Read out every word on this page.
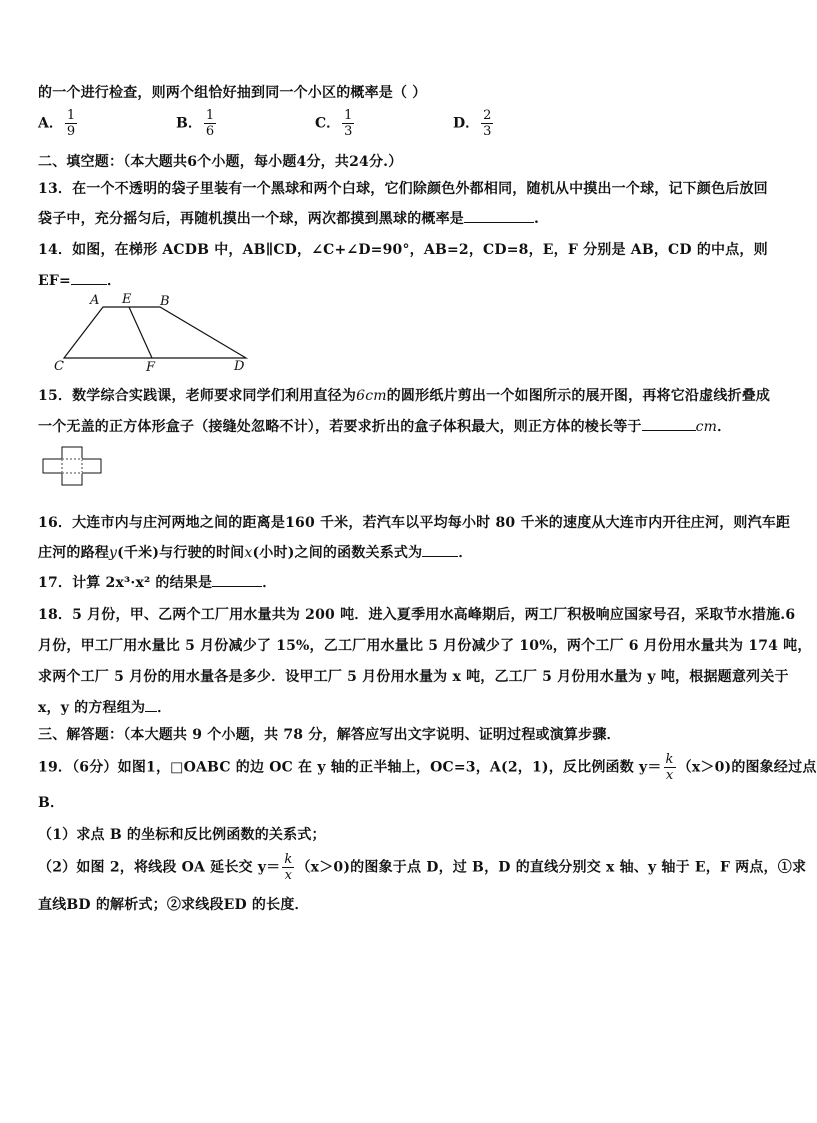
的一个进行检查，则两个组恰好抽到同一个小区的概率是（ ）
A． $\frac{1}{9}$	B． $\frac{1}{6}$	C． $\frac{1}{3}$	D． $\frac{2}{3}$
二、填空题：（本大题共6个小题，每小题4分，共24分.）
13．在一个不透明的袋子里装有一个黑球和两个白球，它们除颜色外都相同，随机从中摸出一个球，记下颜色后放回
袋子中，充分摇匀后，再随机摸出一个球，两次都摸到黑球的概率是	.
14．如图，在梯形 ACDB 中，AB∥CD，∠C+∠D=90°，AB=2，CD=8，E，F 分别是 AB，CD 的中点，则
EF=	．
A E B
C	F	D
15．数学综合实践课，老师要求同学们利用直径为6cm的圆形纸片剪出一个如图所示的展开图，再将它沿虚线折叠成
一个无盖的正方体形盒子（接缝处忽略不计），若要求折出的盒子体积最大，则正方体的棱长等于	cm．
16．大连市内与庄河两地之间的距离是160 千米，若汽车以平均每小时 80 千米的速度从大连市内开往庄河，则汽车距
庄河的路程y(千米)与行驶的时间x(小时)之间的函数关系式为	．
17．计算 2x³·x² 的结果是	．
18．5 月份，甲、乙两个工厂用水量共为 200 吨．进入夏季用水高峰期后，两工厂积极响应国家号召，采取节水措施.6
月份，甲工厂用水量比 5 月份减少了 15%，乙工厂用水量比 5 月份减少了 10%，两个工厂 6 月份用水量共为 174 吨，
求两个工厂 5 月份的用水量各是多少．设甲工厂 5 月份用水量为 x 吨，乙工厂 5 月份用水量为 y 吨，根据题意列关于
x，y 的方程组为 ．
三、解答题：（本大题共 9 个小题，共 78 分，解答应写出文字说明、证明过程或演算步骤．
19．（6分）如图1，□OABC 的边 OC 在 y 轴的正半轴上，OC=3，A(2，1)，反比例函数 $y= \frac{k}{x} (x>0)$的图象经过点
B．
（1）求点 B 的坐标和反比例函数的关系式；
（2）如图 2，将线段 OA 延长交 $y= \frac{k}{x} (x>0)$的图象于点 D，过 B，D 的直线分别交 x 轴、y 轴于 E，F 两点，①求
直线BD 的解析式；②求线段ED 的长度．
